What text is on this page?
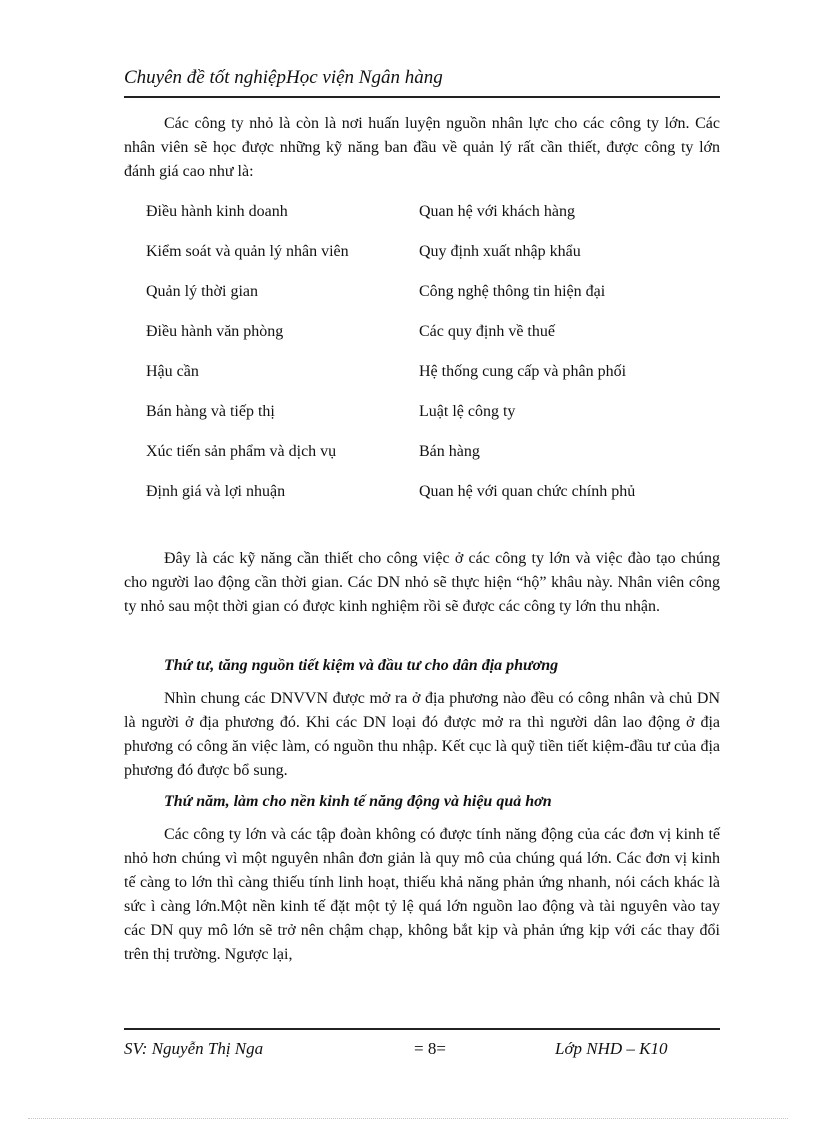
Chuyên đề tốt nghiệpHọc viện Ngân hàng

Các công ty nhỏ là còn là nơi huấn luyện nguồn nhân lực cho các công ty lớn. Các nhân viên sẽ học được những kỹ năng ban đầu về quản lý rất cần thiết, được công ty lớn đánh giá cao như là:

Điều hành kinh doanh	Quan hệ với khách hàng
Kiểm soát và quản lý nhân viên	Quy định xuất nhập khẩu
Quản lý thời gian	Công nghệ thông tin hiện đại
Điều hành văn phòng	Các quy định về thuế
Hậu cần	Hệ thống cung cấp và phân phối
Bán hàng và tiếp thị	Luật lệ công ty
Xúc tiến sản phẩm và dịch vụ	Bán hàng
Định giá và lợi nhuận	Quan hệ với quan chức chính phủ

Đây là các kỹ năng cần thiết cho công việc ở các công ty lớn và việc đào tạo chúng cho người lao động cần thời gian. Các DN nhỏ sẽ thực hiện “hộ” khâu này. Nhân viên công ty nhỏ sau một thời gian có được kinh nghiệm rồi sẽ được các công ty lớn thu nhận.

Thứ tư, tăng nguồn tiết kiệm và đầu tư cho dân địa phương

Nhìn chung các DNVVN được mở ra ở địa phương nào đều có công nhân và chủ DN là người ở địa phương đó. Khi các DN loại đó được mở ra thì người dân lao động ở địa phương có công ăn việc làm, có nguồn thu nhập. Kết cục là quỹ tiền tiết kiệm-đầu tư của địa phương đó được bổ sung.

Thứ năm, làm cho nền kinh tế năng động và hiệu quả hơn

Các công ty lớn và các tập đoàn không có được tính năng động của các đơn vị kinh tế nhỏ hơn chúng vì một nguyên nhân đơn giản là quy mô của chúng quá lớn. Các đơn vị kinh tế càng to lớn thì càng thiếu tính linh hoạt, thiếu khả năng phản ứng nhanh, nói cách khác là sức ì càng lớn.Một nền kinh tế đặt một tỷ lệ quá lớn nguồn lao động và tài nguyên vào tay các DN quy mô lớn sẽ trở nên chậm chạp, không bắt kịp và phản ứng kịp với các thay đổi trên thị trường. Ngược lại,

SV: Nguyễn Thị Nga	= 8=	Lớp NHD – K10
